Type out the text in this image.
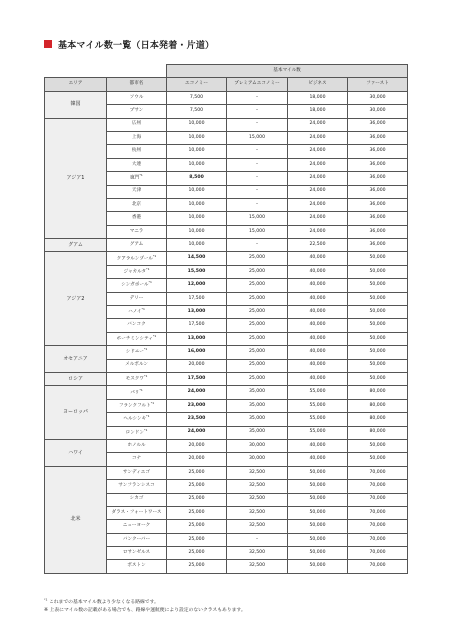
基本マイル数一覧（日本発着・片道）
		基本マイル数			
エリア	都市名	エコノミー	プレミアムエコノミー	ビジネス	ファースト
韓国	ソウル	7,500	–	18,000	30,000
	プサン	7,500	–	18,000	30,000
アジア1	広州	10,000	–	24,000	36,000
	上海	10,000	15,000	24,000	36,000
	杭州	10,000	–	24,000	36,000
	大連	10,000	–	24,000	36,000
	廈門$^{*1}$	8,500	–	24,000	36,000
	天津	10,000	–	24,000	36,000
	北京	10,000	–	24,000	36,000
	香港	10,000	15,000	24,000	36,000
	マニラ	10,000	15,000	24,000	36,000
グアム	グアム	10,000	–	22,500	36,000
アジア2	クアラルンプール$^{*1}$	14,500	25,000	40,000	50,000
	ジャカルタ$^{*1}$	15,500	25,000	40,000	50,000
	シンガポール$^{*1}$	12,000	25,000	40,000	50,000
	デリー	17,500	25,000	40,000	50,000
	ハノイ$^{*1}$	13,000	25,000	40,000	50,000
	バンコク	17,500	25,000	40,000	50,000
	ホーチミンシティ$^{*1}$	13,000	25,000	40,000	50,000
オセアニア	シドニー$^{*1}$	16,000	25,000	40,000	50,000
	メルボルン	20,000	25,000	40,000	50,000
ロシア	モスクワ$^{*1}$	17,500	25,000	40,000	50,000
ヨーロッパ	パリ$^{*1}$	24,000	35,000	55,000	80,000
	フランクフルト$^{*1}$	23,000	35,000	55,000	80,000
	ヘルシンキ$^{*1}$	23,500	35,000	55,000	80,000
	ロンドン$^{*1}$	24,000	35,000	55,000	80,000
ハワイ	ホノルル	20,000	30,000	40,000	50,000
	コナ	20,000	30,000	40,000	50,000
北米	サンディエゴ	25,000	32,500	50,000	70,000
	サンフランシスコ	25,000	32,500	50,000	70,000
	シカゴ	25,000	32,500	50,000	70,000
	ダラス・フォートワース	25,000	32,500	50,000	70,000
	ニューヨーク	25,000	32,500	50,000	70,000
	バンクーバー	25,000	–	50,000	70,000
	ロサンゼルス	25,000	32,500	50,000	70,000
	ボストン	25,000	32,500	50,000	70,000
$^{*1}$ これまでの基本マイル数より少なくなる路線です。
※ 上表にマイル数の記載がある場合でも、路線や運航便により設定のないクラスもあります。
